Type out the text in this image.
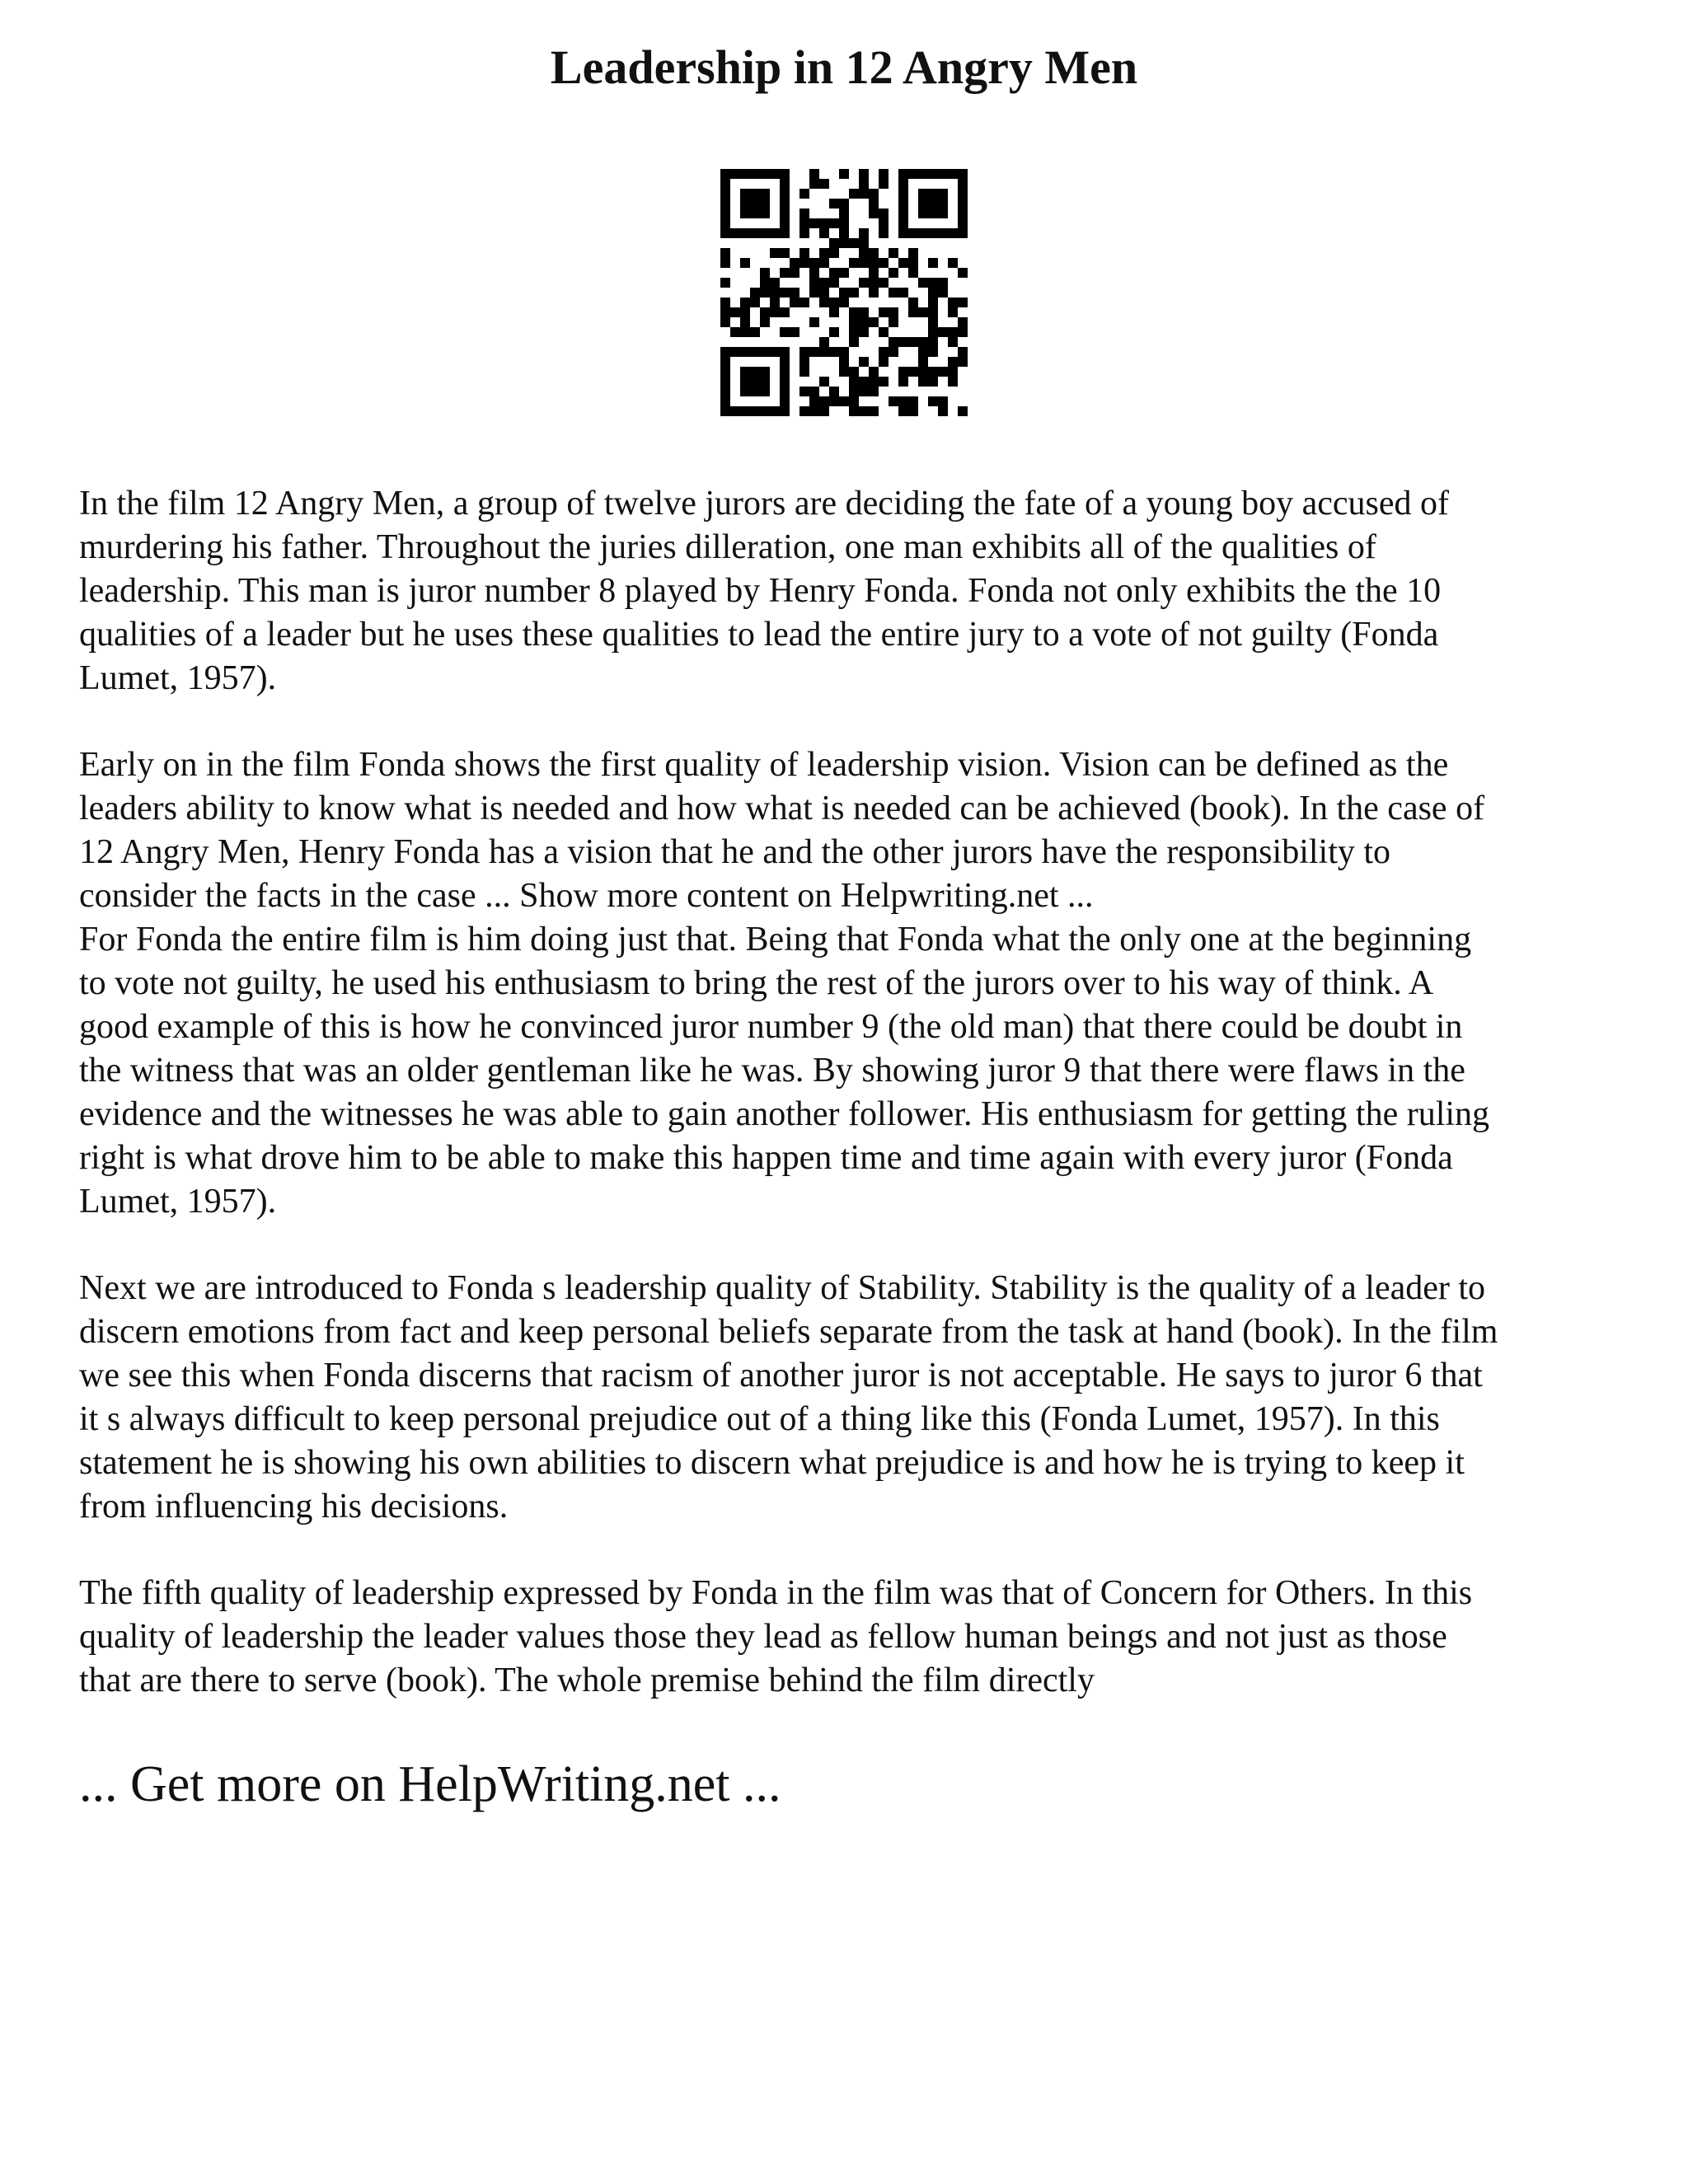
Leadership in 12 Angry Men

In the film 12 Angry Men, a group of twelve jurors are deciding the fate of a young boy accused of
murdering his father. Throughout the juries dilleration, one man exhibits all of the qualities of
leadership. This man is juror number 8 played by Henry Fonda. Fonda not only exhibits the the 10
qualities of a leader but he uses these qualities to lead the entire jury to a vote of not guilty (Fonda
Lumet, 1957).

Early on in the film Fonda shows the first quality of leadership vision. Vision can be defined as the
leaders ability to know what is needed and how what is needed can be achieved (book). In the case of
12 Angry Men, Henry Fonda has a vision that he and the other jurors have the responsibility to
consider the facts in the case ... Show more content on Helpwriting.net ...

For Fonda the entire film is him doing just that. Being that Fonda what the only one at the beginning
to vote not guilty, he used his enthusiasm to bring the rest of the jurors over to his way of think. A
good example of this is how he convinced juror number 9 (the old man) that there could be doubt in
the witness that was an older gentleman like he was. By showing juror 9 that there were flaws in the
evidence and the witnesses he was able to gain another follower. His enthusiasm for getting the ruling
right is what drove him to be able to make this happen time and time again with every juror (Fonda
Lumet, 1957).

Next we are introduced to Fonda s leadership quality of Stability. Stability is the quality of a leader to
discern emotions from fact and keep personal beliefs separate from the task at hand (book). In the film
we see this when Fonda discerns that racism of another juror is not acceptable. He says to juror 6 that
it s always difficult to keep personal prejudice out of a thing like this (Fonda Lumet, 1957). In this
statement he is showing his own abilities to discern what prejudice is and how he is trying to keep it
from influencing his decisions.

The fifth quality of leadership expressed by Fonda in the film was that of Concern for Others. In this
quality of leadership the leader values those they lead as fellow human beings and not just as those
that are there to serve (book). The whole premise behind the film directly

... Get more on HelpWriting.net ...
